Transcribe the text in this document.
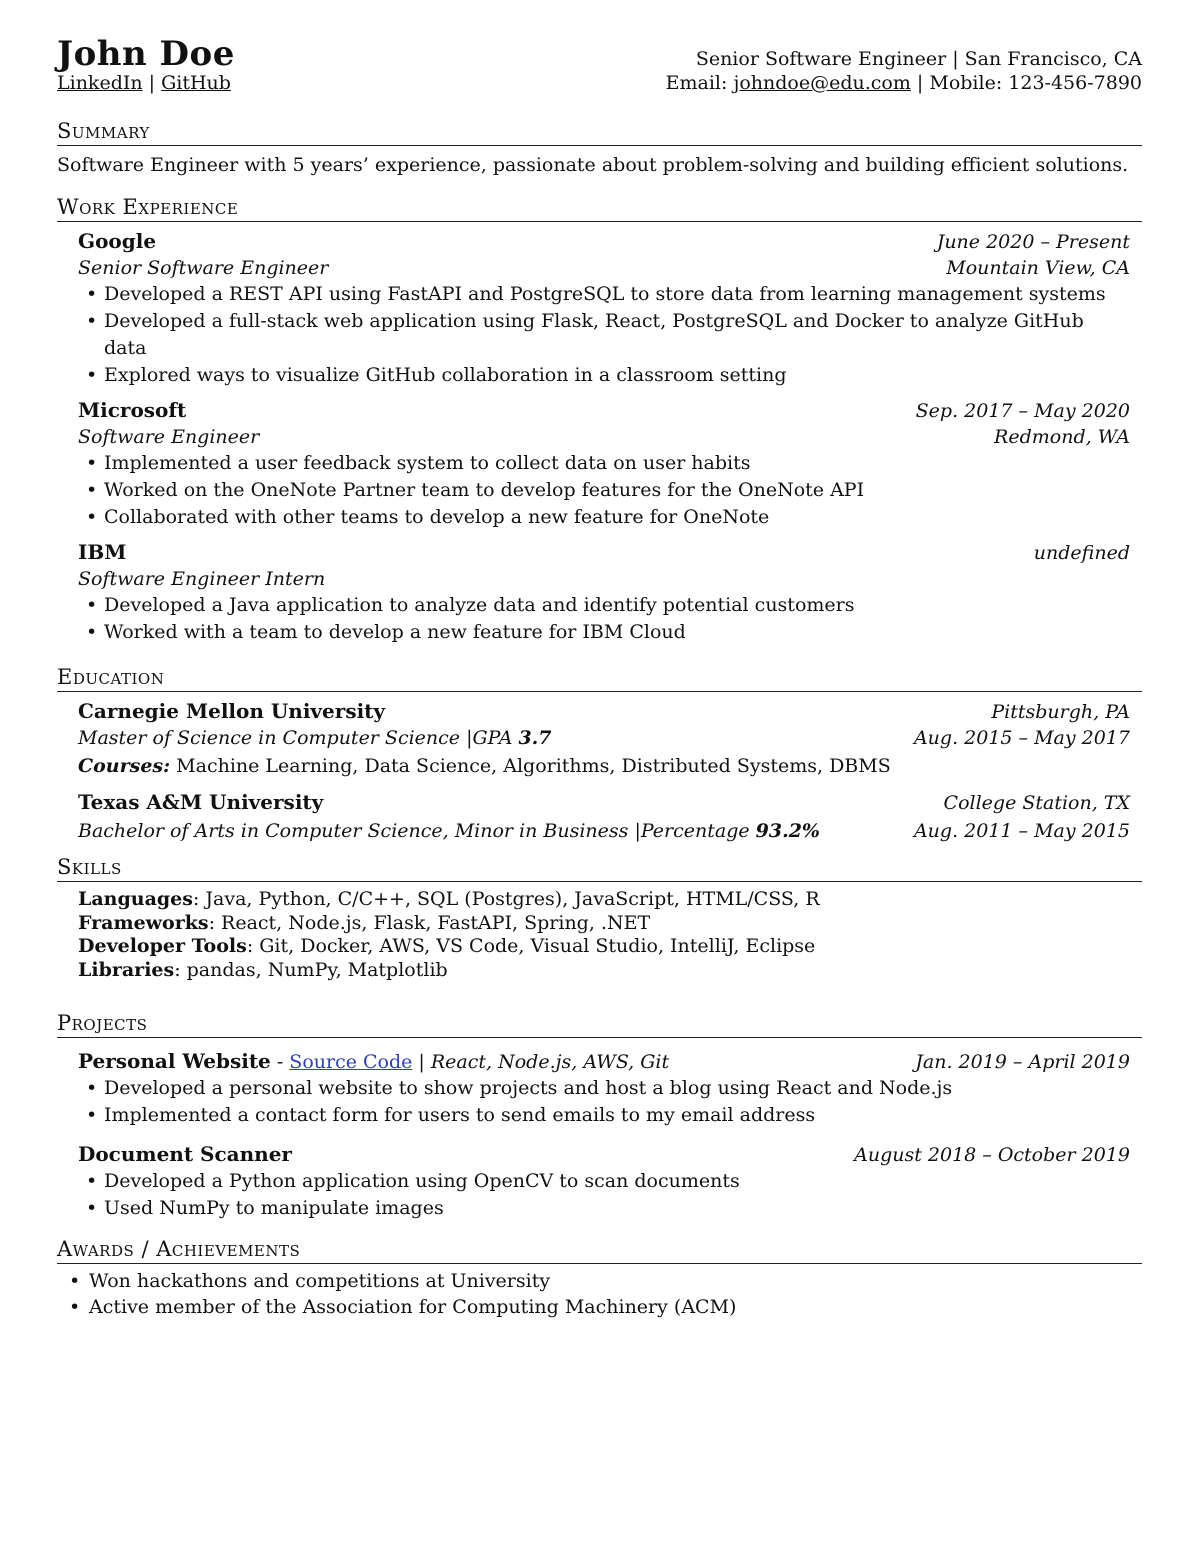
John Doe	Senior Software Engineer | San Francisco, CA
LinkedIn | GitHub	Email: johndoe@edu.com | Mobile: 123-456-7890
Summary
Software Engineer with 5 years’ experience, passionate about problem-solving and building efficient solutions.
Work Experience
Google	June 2020 – Present
Senior Software Engineer	Mountain View, CA
• Developed a REST API using FastAPI and PostgreSQL to store data from learning management systems
• Developed a full-stack web application using Flask, React, PostgreSQL and Docker to analyze GitHub data
• Explored ways to visualize GitHub collaboration in a classroom setting
Microsoft	Sep. 2017 – May 2020
Software Engineer	Redmond, WA
• Implemented a user feedback system to collect data on user habits
• Worked on the OneNote Partner team to develop features for the OneNote API
• Collaborated with other teams to develop a new feature for OneNote
IBM	undefined
Software Engineer Intern
• Developed a Java application to analyze data and identify potential customers
• Worked with a team to develop a new feature for IBM Cloud
Education
Carnegie Mellon University	Pittsburgh, PA
Master of Science in Computer Science |GPA 3.7	Aug. 2015 – May 2017
Courses: Machine Learning, Data Science, Algorithms, Distributed Systems, DBMS
Texas A&M University	College Station, TX
Bachelor of Arts in Computer Science, Minor in Business |Percentage 93.2%	Aug. 2011 – May 2015
Skills
Languages: Java, Python, C/C++, SQL (Postgres), JavaScript, HTML/CSS, R
Frameworks: React, Node.js, Flask, FastAPI, Spring, .NET
Developer Tools: Git, Docker, AWS, VS Code, Visual Studio, IntelliJ, Eclipse
Libraries: pandas, NumPy, Matplotlib
Projects
Personal Website - Source Code | React, Node.js, AWS, Git	Jan. 2019 – April 2019
• Developed a personal website to show projects and host a blog using React and Node.js
• Implemented a contact form for users to send emails to my email address
Document Scanner	August 2018 – October 2019
• Developed a Python application using OpenCV to scan documents
• Used NumPy to manipulate images
Awards / Achievements
• Won hackathons and competitions at University
• Active member of the Association for Computing Machinery (ACM)
